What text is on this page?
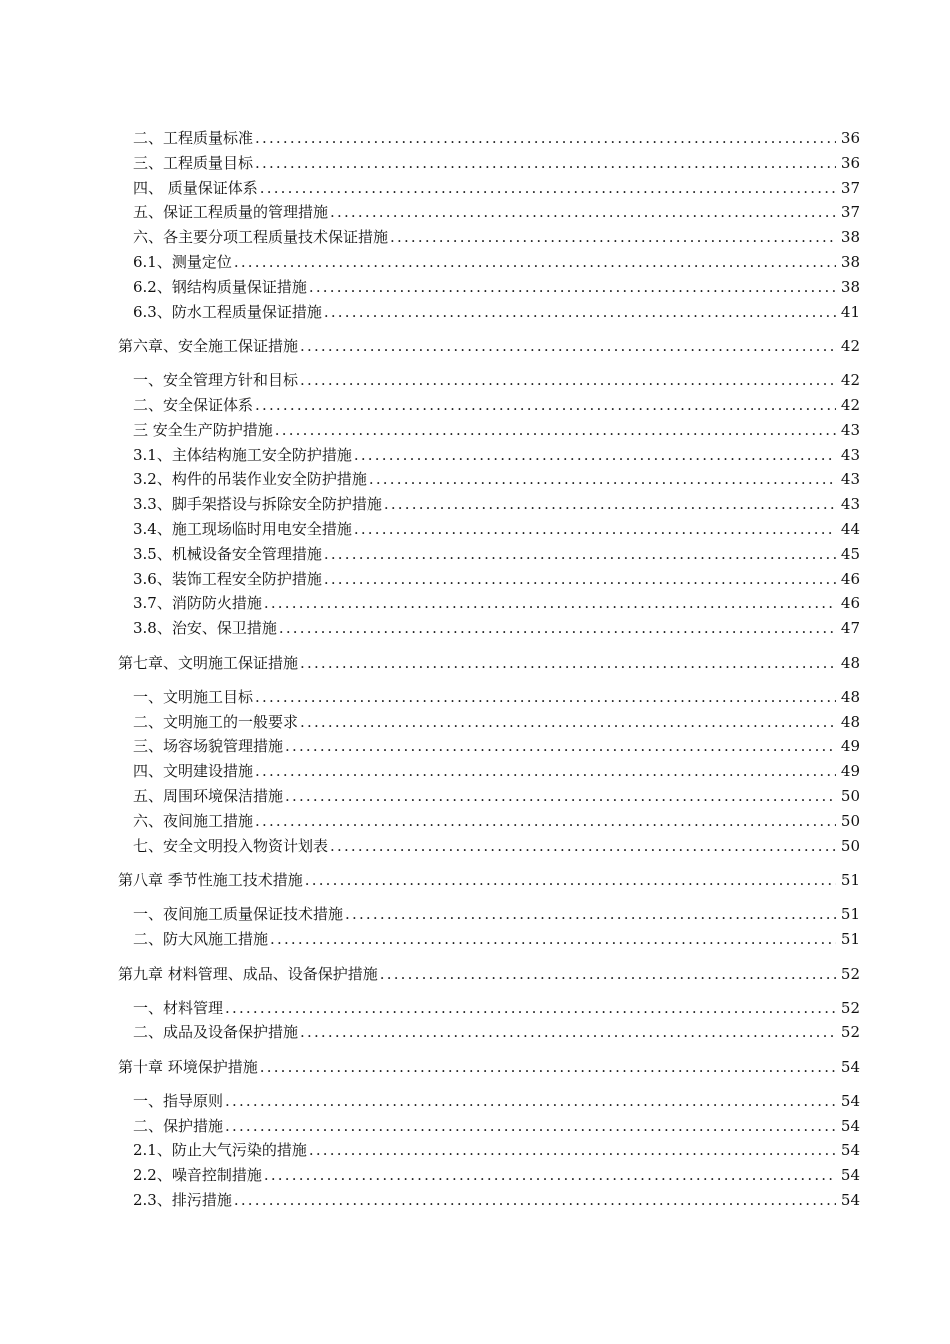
二、工程质量标准 .....	36
三、工程质量目标 .....	36
四、 质量保证体系 .....	37
五、保证工程质量的管理措施 .....	37
六、各主要分项工程质量技术保证措施 .....	38
6.1、测量定位 .....	38
6.2、钢结构质量保证措施 .....	38
6.3、防水工程质量保证措施 .....	41
第六章、安全施工保证措施 .....	42
一、安全管理方针和目标 .....	42
二、安全保证体系 .....	42
三 安全生产防护措施 .....	43
3.1、主体结构施工安全防护措施 .....	43
3.2、构件的吊装作业安全防护措施 .....	43
3.3、脚手架搭设与拆除安全防护措施 .....	43
3.4、施工现场临时用电安全措施 .....	44
3.5、机械设备安全管理措施 .....	45
3.6、装饰工程安全防护措施 .....	46
3.7、消防防火措施 .....	46
3.8、治安、保卫措施 .....	47
第七章、文明施工保证措施 .....	48
一、文明施工目标 .....	48
二、文明施工的一般要求 .....	48
三、场容场貌管理措施 .....	49
四、文明建设措施 .....	49
五、周围环境保洁措施 .....	50
六、夜间施工措施 .....	50
七、安全文明投入物资计划表 .....	50
第八章 季节性施工技术措施 .....	51
一、夜间施工质量保证技术措施 .....	51
二、防大风施工措施 .....	51
第九章 材料管理、成品、设备保护措施 .....	52
一、材料管理 .....	52
二、成品及设备保护措施 .....	52
第十章 环境保护措施 .....	54
一、指导原则 .....	54
二、保护措施 .....	54
2.1、防止大气污染的措施 .....	54
2.2、噪音控制措施 .....	54
2.3、排污措施 .....	54
